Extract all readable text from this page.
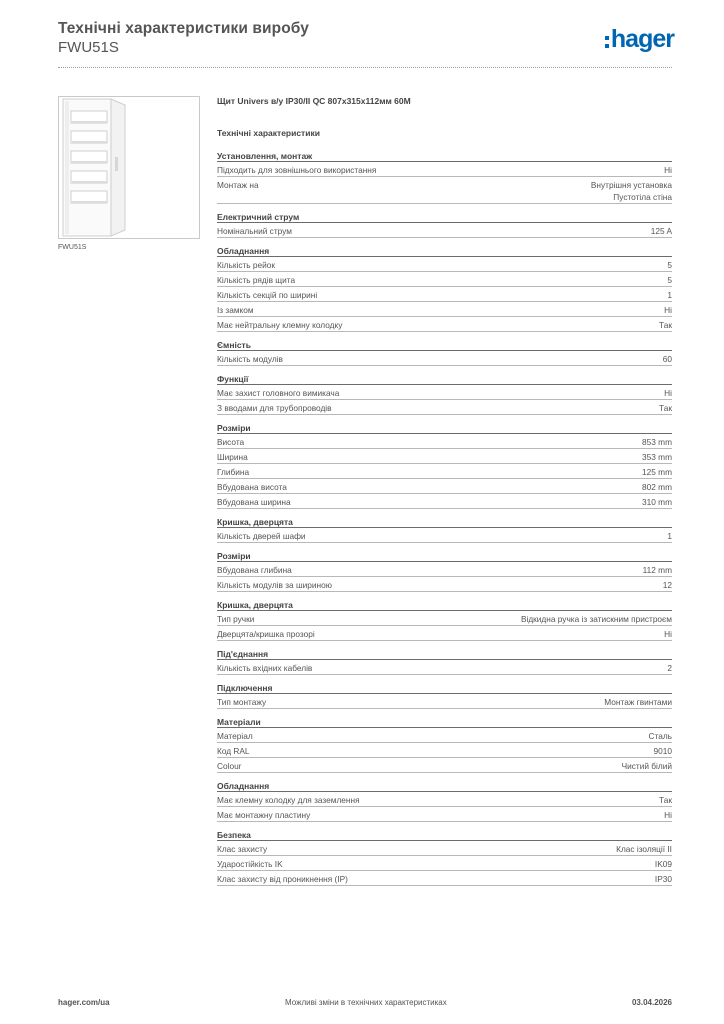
Технічні характеристики виробу
FWU51S	hager
FWU51S
Щит Univers в/у IP30/II QC 807x315x112мм 60M
Технічні характеристики
Установлення, монтаж
Підходить для зовнішнього використання	Ні
Монтаж на	Внутрішня установка
Пустотіла стіна
Електричний струм
Номінальний струм	125 A
Обладнання
Кількість рейок	5
Кількість рядів щита	5
Кількість секцій по ширині	1
Із замком	Ні
Має нейтральну клемну колодку	Так
Ємність
Кількість модулів	60
Функції
Має захист головного вимикача	Ні
З вводами для трубопроводів	Так
Розміри
Висота	853 mm
Ширина	353 mm
Глибина	125 mm
Вбудована висота	802 mm
Вбудована ширина	310 mm
Кришка, дверцята
Кількість дверей шафи	1
Розміри
Вбудована глибина	112 mm
Кількість модулів за шириною	12
Кришка, дверцята
Тип ручки	Відкидна ручка із затискним пристроєм
Дверцята/кришка прозорі	Ні
Під'єднання
Кількість вхідних кабелів	2
Підключення
Тип монтажу	Монтаж гвинтами
Матеріали
Матеріал	Сталь
Код RAL	9010
Colour	Чистий білий
Обладнання
Має клемну колодку для заземлення	Так
Має монтажну пластину	Ні
Безпека
Клас захисту	Клас ізоляції II
Ударостійкість IK	IK09
Клас захисту від проникнення (IP)	IP30
hager.com/ua	Можливі зміни в технічних характеристиках	03.04.2026
